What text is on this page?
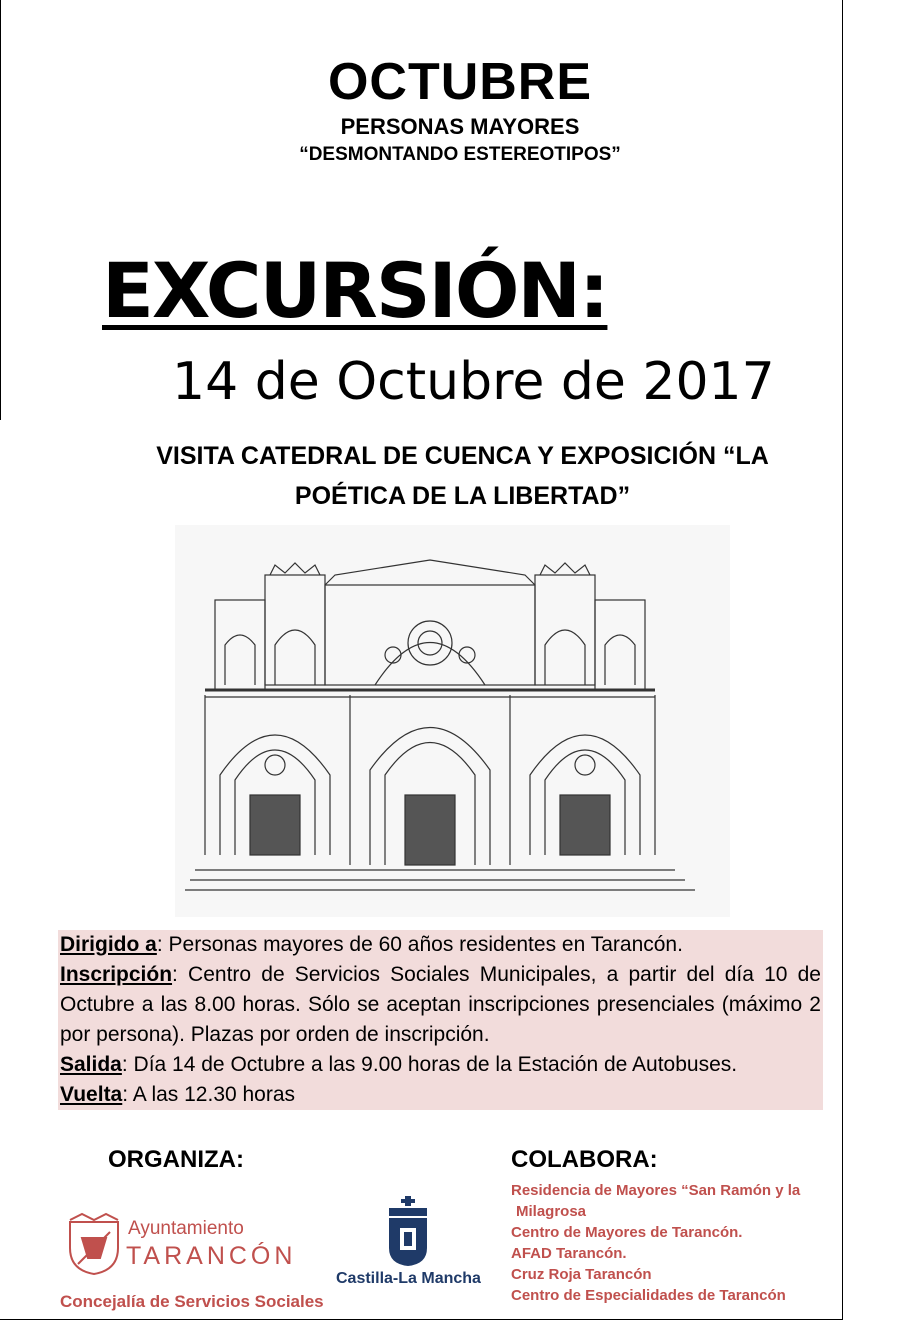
OCTUBRE
PERSONAS MAYORES
“DESMONTANDO ESTEREOTIPOS”
EXCURSIÓN:
14 de Octubre de 2017
VISITA CATEDRAL DE CUENCA Y EXPOSICIÓN “LA
POÉTICA DE LA LIBERTAD”

Dirigido a: Personas mayores de 60 años residentes en Tarancón.

Inscripción: Centro de Servicios Sociales Municipales, a partir del día 10 de Octubre a las 8.00 horas. Sólo se aceptan inscripciones presenciales (máximo 2 por persona). Plazas por orden de inscripción.

Salida: Día 14 de Octubre a las 9.00 horas de la Estación de Autobuses.

Vuelta: A las 12.30 horas

ORGANIZA:	COLABORA:
Residencia de Mayores “San Ramón y la
Milagrosa
Centro de Mayores de Tarancón.
AFAD Tarancón.
Cruz Roja Tarancón
Centro de Especialidades de Tarancón
Ayuntamiento
TARANCÓN
Concejalía de Servicios Sociales
Castilla-La Mancha
